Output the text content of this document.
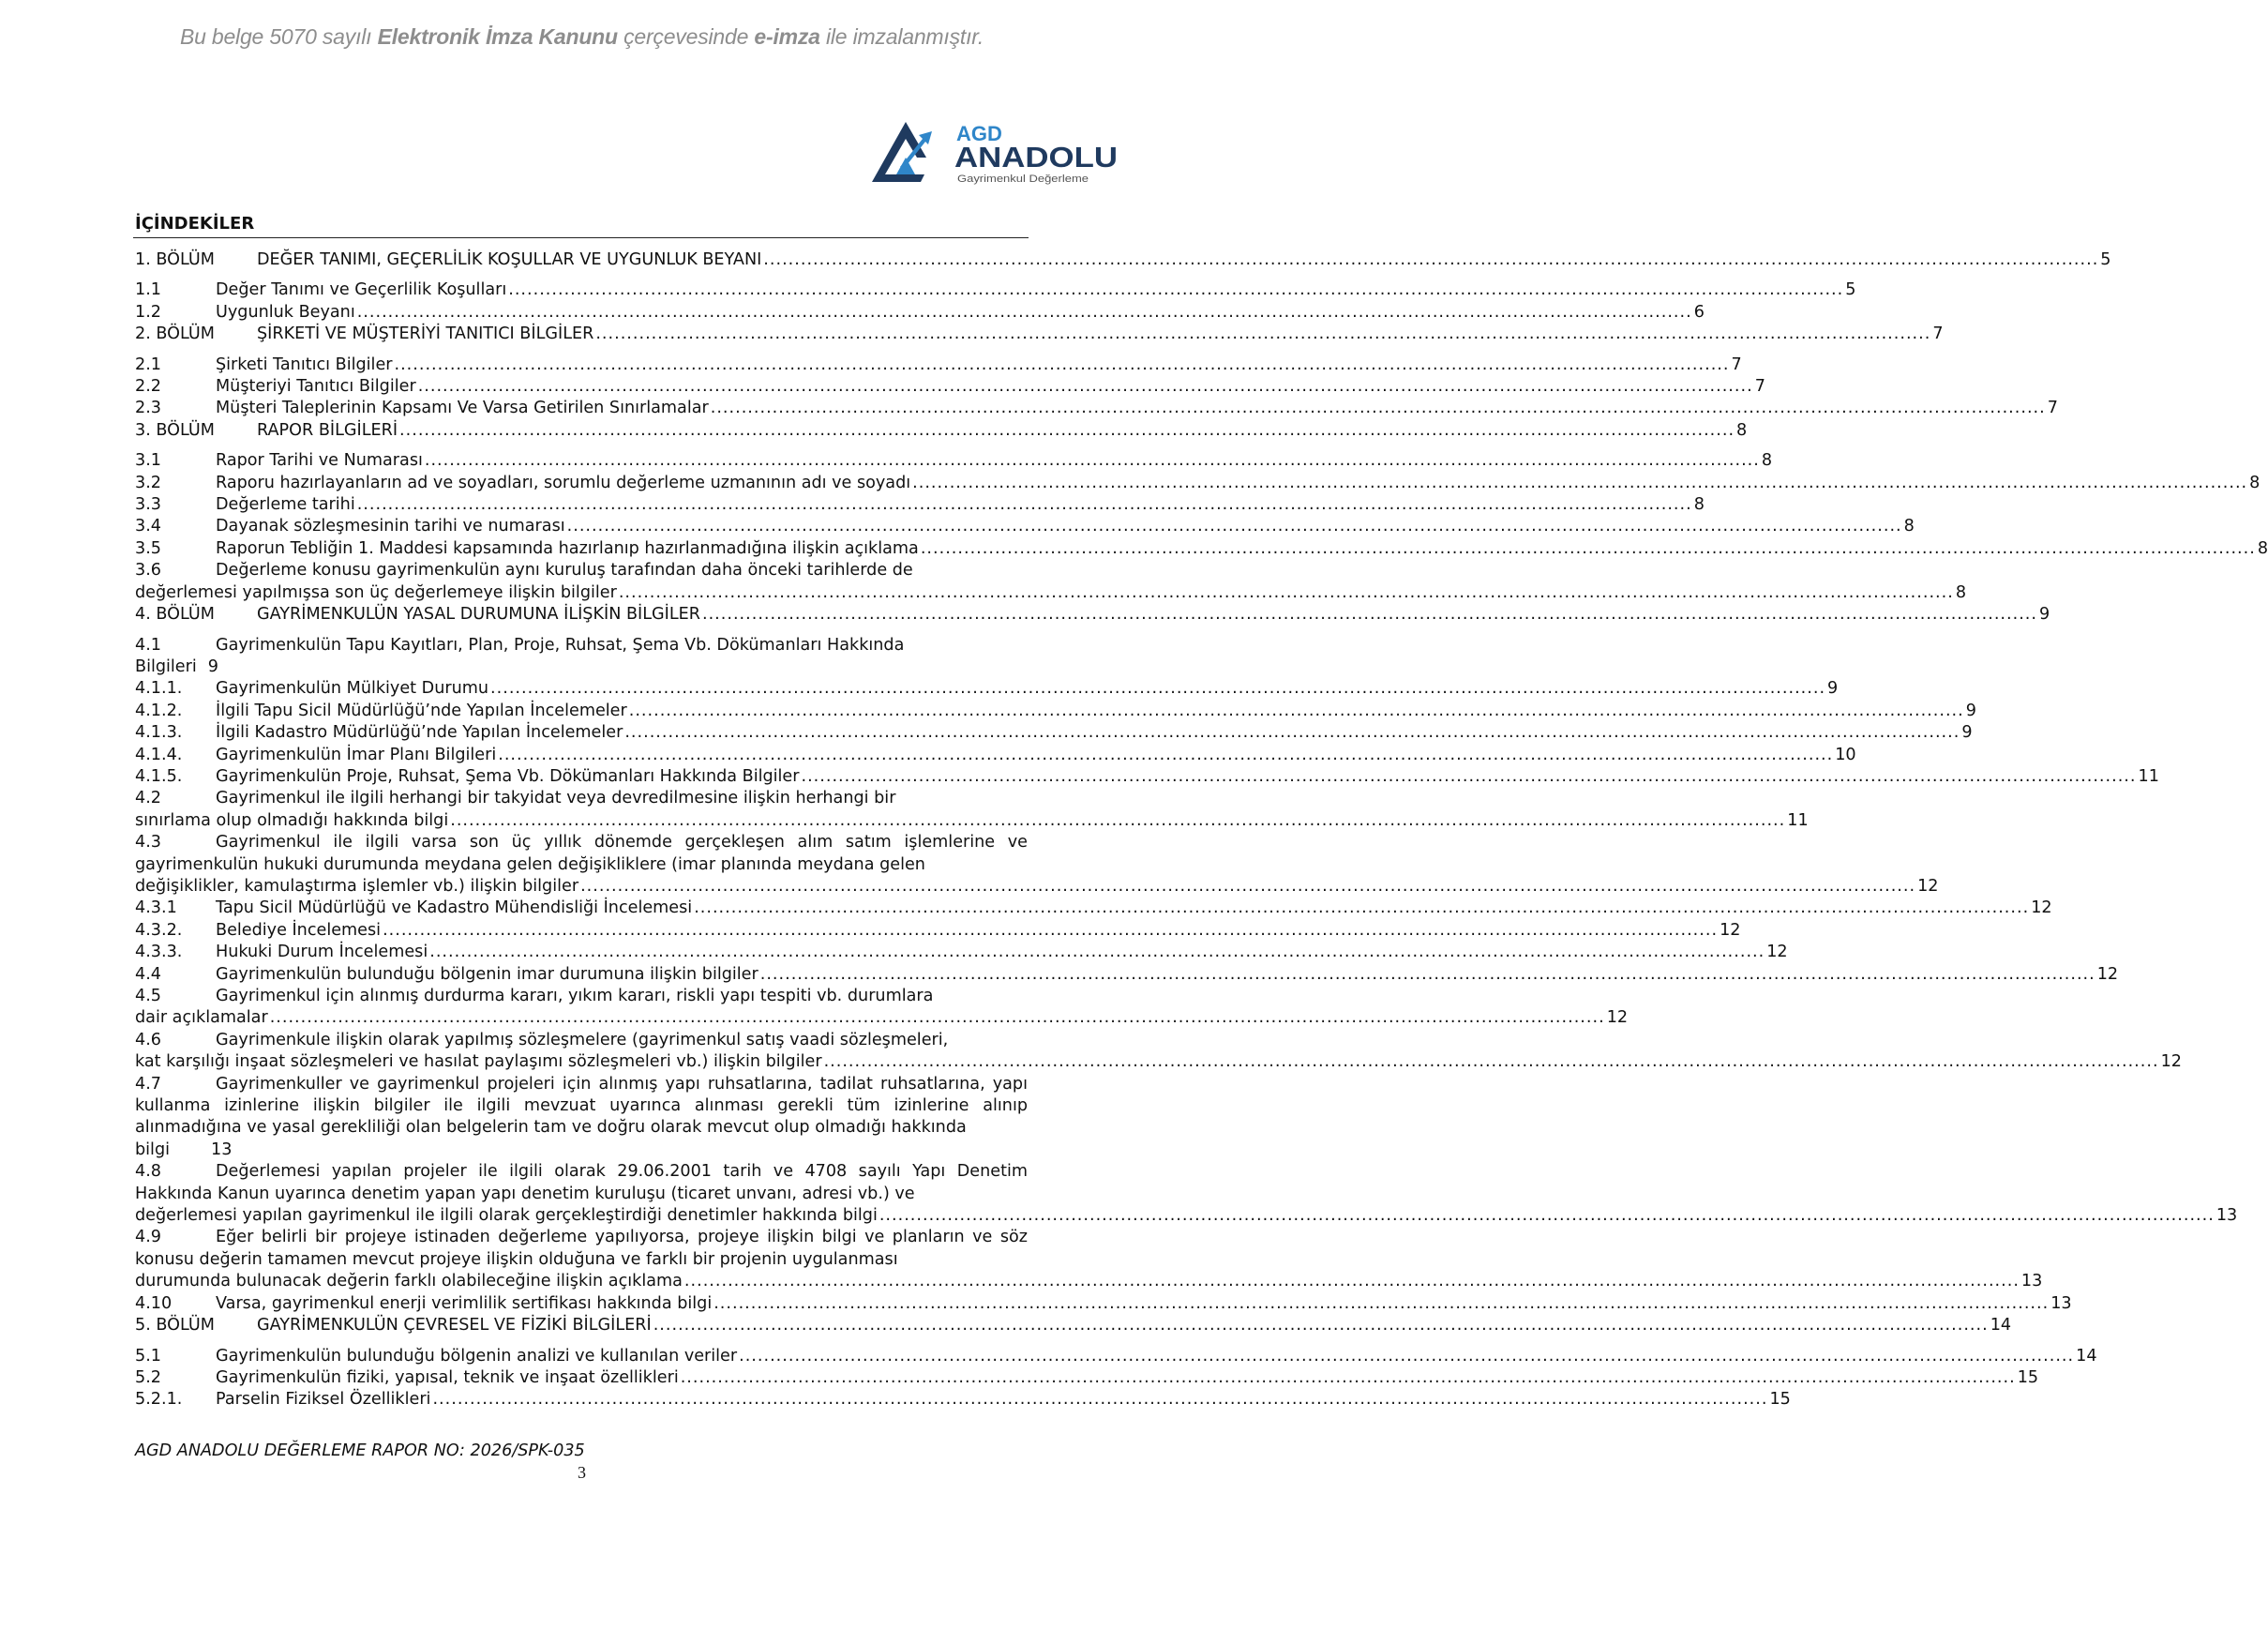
Bu belge 5070 sayılı Elektronik İmza Kanunu çerçevesinde e-imza ile imzalanmıştır.
AGD
ANADOLU
Gayrimenkul Değerleme
İÇİNDEKİLER
1. BÖLÜM	DEĞER TANIMI, GEÇERLİLİK KOŞULLAR VE UYGUNLUK BEYANI .....	5
1.1	Değer Tanımı ve Geçerlilik Koşulları .....	5
1.2	Uygunluk Beyanı .....	6
2. BÖLÜM	ŞİRKETİ VE MÜŞTERİYİ TANITICI BİLGİLER .....	7
2.1	Şirketi Tanıtıcı Bilgiler .....	7
2.2	Müşteriyi Tanıtıcı Bilgiler .....	7
2.3	Müşteri Taleplerinin Kapsamı Ve Varsa Getirilen Sınırlamalar .....	7
3. BÖLÜM	RAPOR BİLGİLERİ .....	8
3.1	Rapor Tarihi ve Numarası .....	8
3.2	Raporu hazırlayanların ad ve soyadları, sorumlu değerleme uzmanının adı ve soyadı .....	8
3.3	Değerleme tarihi .....	8
3.4	Dayanak sözleşmesinin tarihi ve numarası .....	8
3.5	Raporun Tebliğin 1. Maddesi kapsamında hazırlanıp hazırlanmadığına ilişkin açıklama .....	8
3.6	Değerleme konusu gayrimenkulün aynı kuruluş tarafından daha önceki tarihlerde de
değerlemesi yapılmışsa son üç değerlemeye ilişkin bilgiler .....	8
4. BÖLÜM	GAYRİMENKULÜN YASAL DURUMUNA İLİŞKİN BİLGİLER .....	9
4.1	Gayrimenkulün Tapu Kayıtları, Plan, Proje, Ruhsat, Şema Vb. Dökümanları Hakkında
Bilgileri 9
4.1.1.	Gayrimenkulün Mülkiyet Durumu .....	9
4.1.2.	İlgili Tapu Sicil Müdürlüğü’nde Yapılan İncelemeler .....	9
4.1.3.	İlgili Kadastro Müdürlüğü’nde Yapılan İncelemeler .....	9
4.1.4.	Gayrimenkulün İmar Planı Bilgileri .....	10
4.1.5.	Gayrimenkulün Proje, Ruhsat, Şema Vb. Dökümanları Hakkında Bilgiler .....	11
4.2	Gayrimenkul ile ilgili herhangi bir takyidat veya devredilmesine ilişkin herhangi bir
sınırlama olup olmadığı hakkında bilgi .....	11
4.3	Gayrimenkul ile ilgili varsa son üç yıllık dönemde gerçekleşen alım satım işlemlerine ve gayrimenkulün hukuki durumunda meydana gelen değişikliklere (imar planında meydana gelen
değişiklikler, kamulaştırma işlemler vb.) ilişkin bilgiler .....	12
4.3.1	Tapu Sicil Müdürlüğü ve Kadastro Mühendisliği İncelemesi .....	12
4.3.2.	Belediye İncelemesi .....	12
4.3.3.	Hukuki Durum İncelemesi .....	12
4.4	Gayrimenkulün bulunduğu bölgenin imar durumuna ilişkin bilgiler .....	12
4.5	Gayrimenkul için alınmış durdurma kararı, yıkım kararı, riskli yapı tespiti vb. durumlara
dair açıklamalar .....	12
4.6	Gayrimenkule ilişkin olarak yapılmış sözleşmelere (gayrimenkul satış vaadi sözleşmeleri,
kat karşılığı inşaat sözleşmeleri ve hasılat paylaşımı sözleşmeleri vb.) ilişkin bilgiler .....	12
4.7	Gayrimenkuller ve gayrimenkul projeleri için alınmış yapı ruhsatlarına, tadilat ruhsatlarına, yapı kullanma izinlerine ilişkin bilgiler ile ilgili mevzuat uyarınca alınması gerekli tüm izinlerine alınıp alınmadığına ve yasal gerekliliği olan belgelerin tam ve doğru olarak mevcut olup olmadığı hakkında
bilgi	13
4.8	Değerlemesi yapılan projeler ile ilgili olarak 29.06.2001 tarih ve 4708 sayılı Yapı Denetim Hakkında Kanun uyarınca denetim yapan yapı denetim kuruluşu (ticaret unvanı, adresi vb.) ve
değerlemesi yapılan gayrimenkul ile ilgili olarak gerçekleştirdiği denetimler hakkında bilgi .....	13
4.9	Eğer belirli bir projeye istinaden değerleme yapılıyorsa, projeye ilişkin bilgi ve planların ve söz konusu değerin tamamen mevcut projeye ilişkin olduğuna ve farklı bir projenin uygulanması
durumunda bulunacak değerin farklı olabileceğine ilişkin açıklama .....	13
4.10	Varsa, gayrimenkul enerji verimlilik sertifikası hakkında bilgi .....	13
5. BÖLÜM	GAYRİMENKULÜN ÇEVRESEL VE FİZİKİ BİLGİLERİ .....	14
5.1	Gayrimenkulün bulunduğu bölgenin analizi ve kullanılan veriler .....	14
5.2	Gayrimenkulün fiziki, yapısal, teknik ve inşaat özellikleri .....	15
5.2.1.	Parselin Fiziksel Özellikleri .....	15
AGD ANADOLU DEĞERLEME RAPOR NO: 2026/SPK-035
3
